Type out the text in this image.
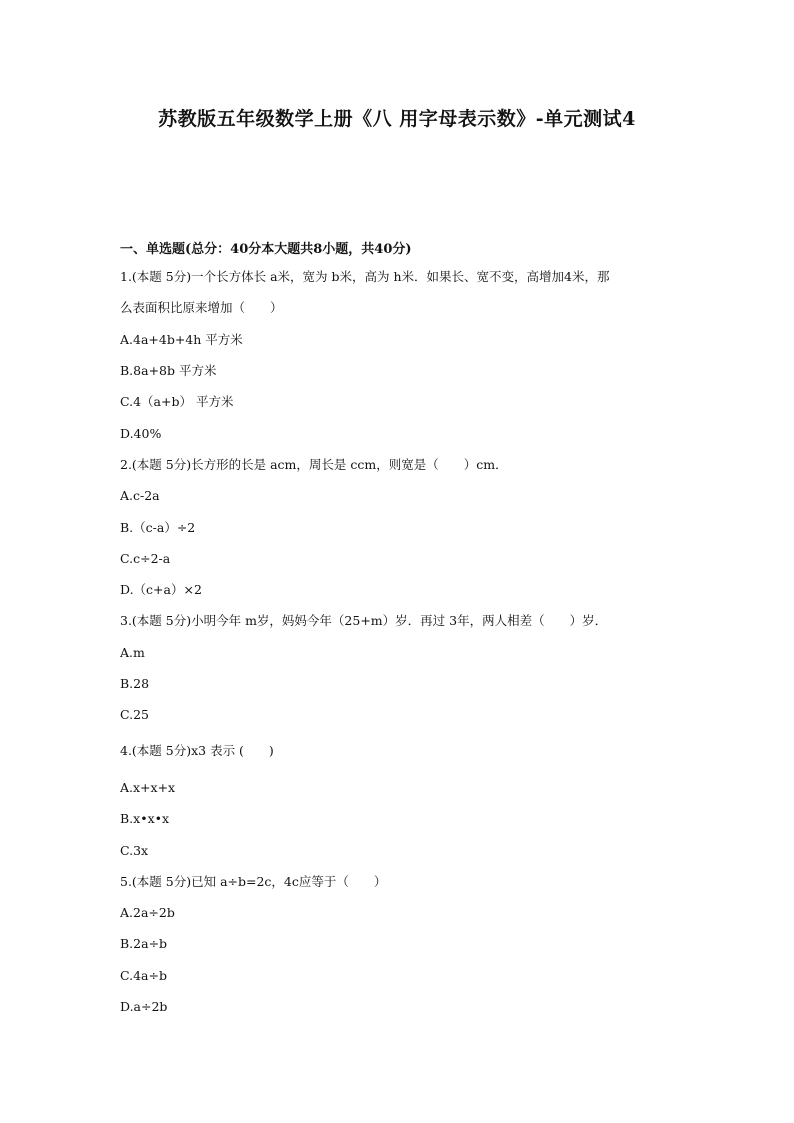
苏教版五年级数学上册《八 用字母表示数》-单元测试4
一、单选题(总分：40分本大题共8小题，共40分)
1.(本题 5分)一个长方体长 a米，宽为 b米，高为 h米．如果长、宽不变，高增加4米，那
么表面积比原来增加（　　）
A.4a+4b+4h 平方米
B.8a+8b 平方米
C.4（a+b） 平方米
D.40%
2.(本题 5分)长方形的长是 acm，周长是 ccm，则宽是（　　）cm．
A.c-2a
B.（c-a）÷2
C.c÷2-a
D.（c+a）×2
3.(本题 5分)小明今年 m岁，妈妈今年（25+m）岁．再过 3年，两人相差（　　）岁．
A.m
B.28
C.25
4.(本题 5分)x3 表示 (　　)
A.x+x+x
B.x•x•x
C.3x
5.(本题 5分)已知 a÷b=2c，4c应等于（　　）
A.2a÷2b
B.2a÷b
C.4a÷b
D.a÷2b
